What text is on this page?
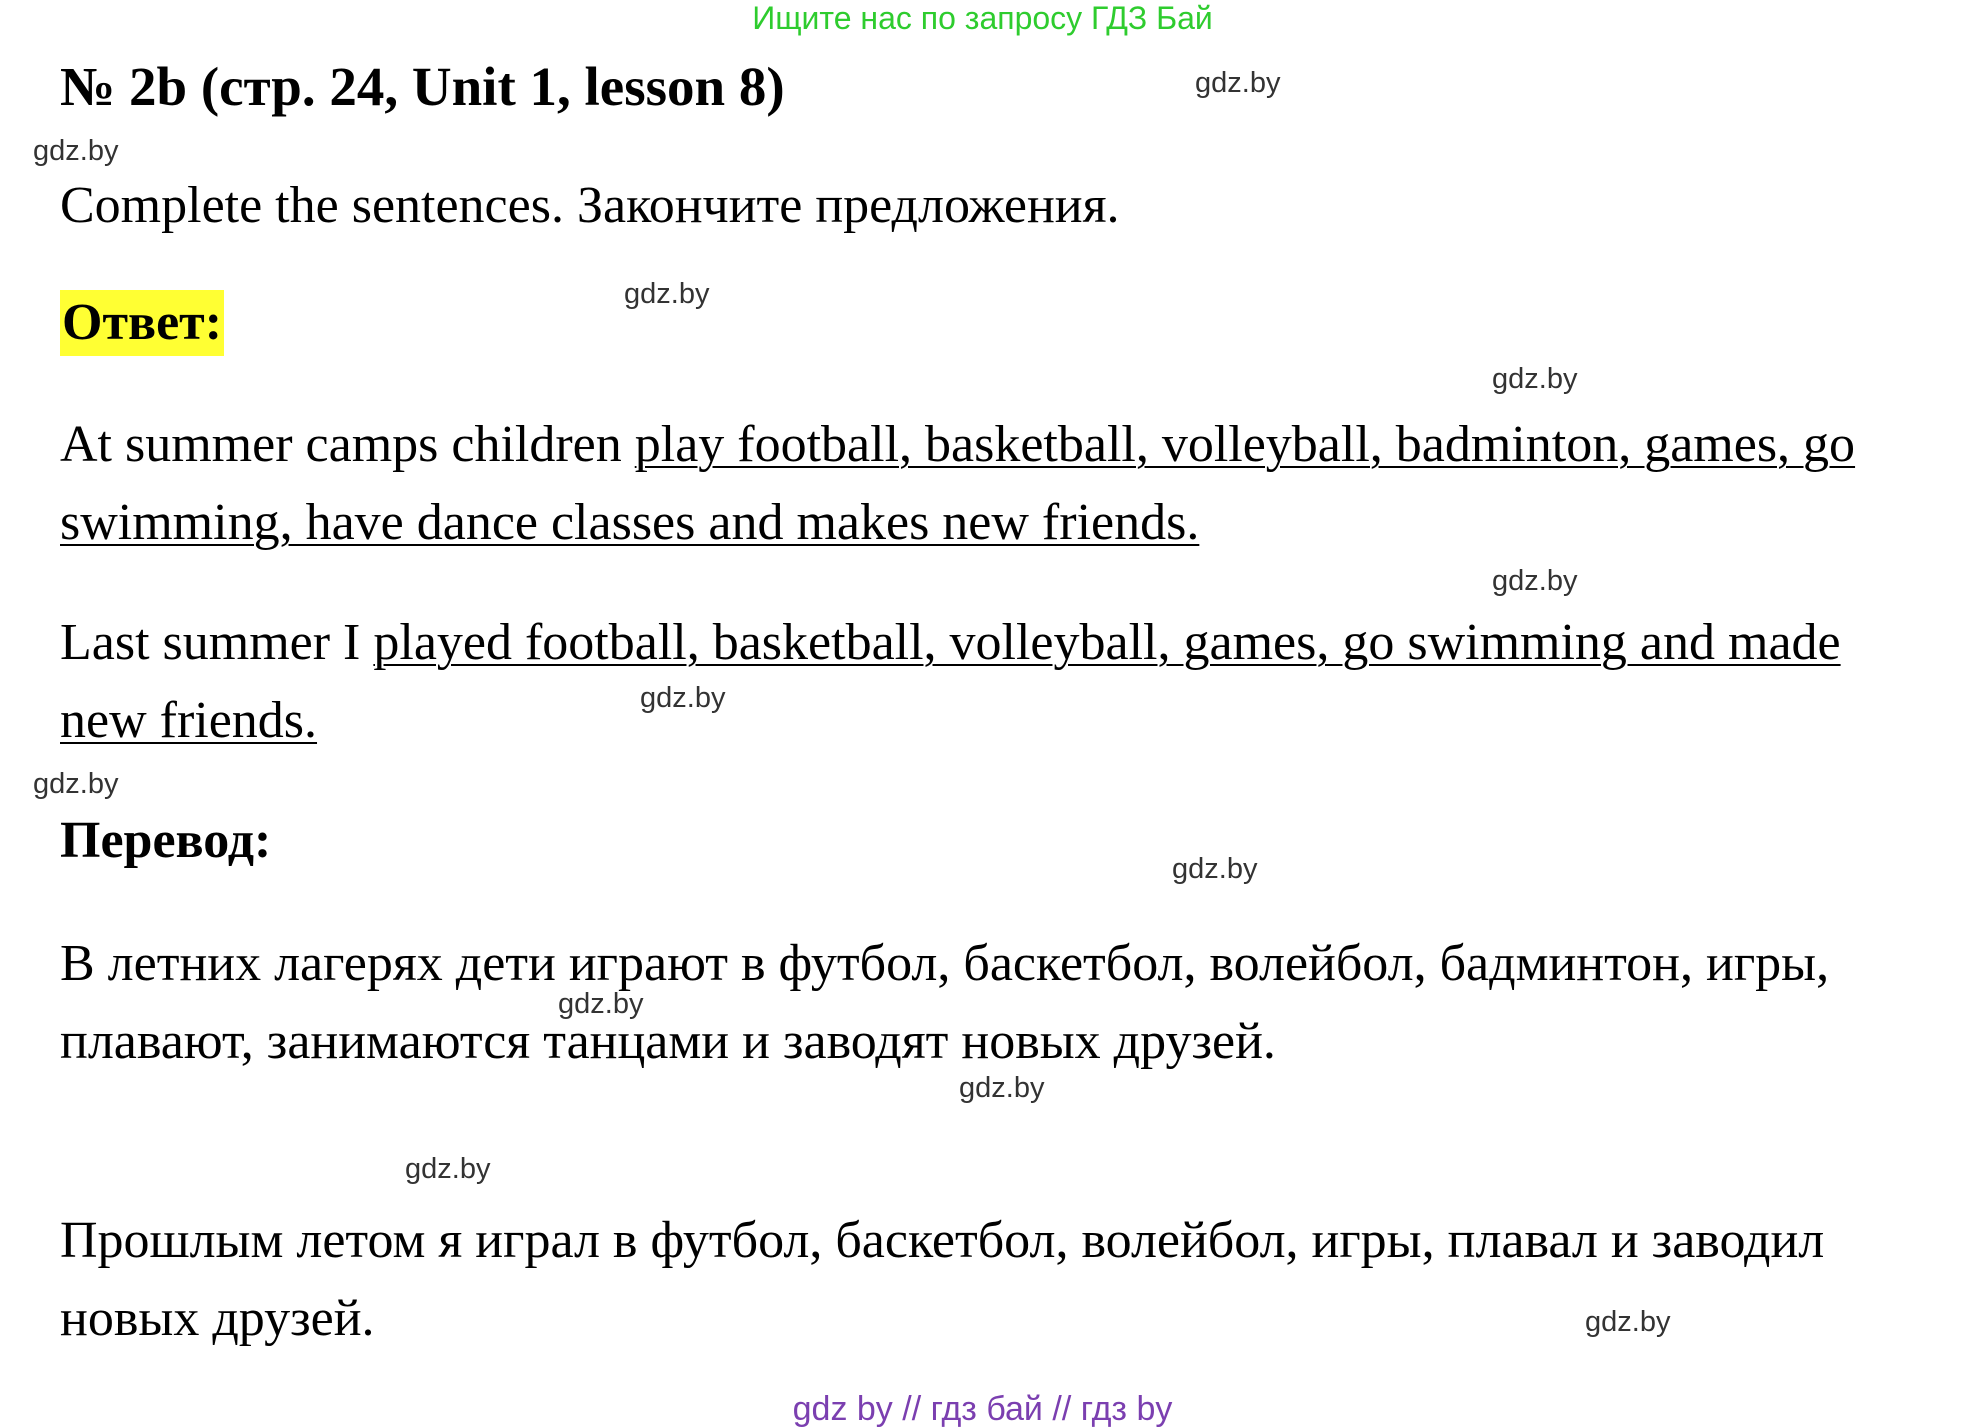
Ищите нас по запросу ГДЗ Бай
№ 2b (стр. 24, Unit 1, lesson 8)
Complete the sentences. Закончите предложения.
Ответ:
At summer camps children play football, basketball, volleyball, badminton, games, go swimming, have dance classes and makes new friends.
Last summer I played football, basketball, volleyball, games, go swimming and made new friends.
Перевод:
В летних лагерях дети играют в футбол, баскетбол, волейбол, бадминтон, игры, плавают, занимаются танцами и заводят новых друзей.
Прошлым летом я играл в футбол, баскетбол, волейбол, игры, плавал и заводил новых друзей.
gdz.by
gdz.by
gdz.by
gdz.by
gdz.by
gdz.by
gdz.by
gdz.by
gdz.by
gdz.by
gdz.by
gdz.by
gdz by // гдз бай // гдз by
